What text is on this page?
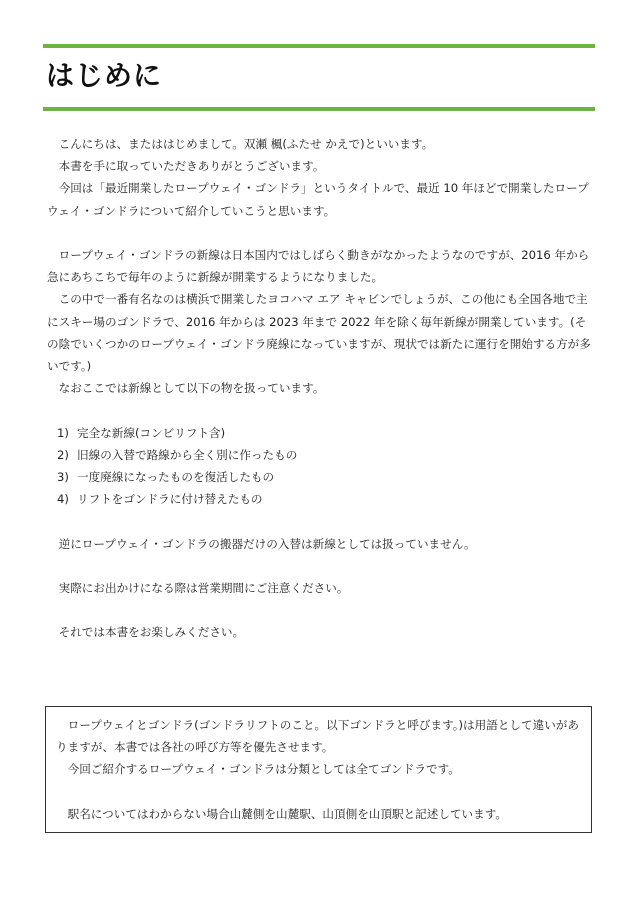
はじめに

こんにちは、またははじめまして。双瀬 楓(ふたせ かえで)といいます。

本書を手に取っていただきありがとうございます。

今回は「最近開業したロープウェイ・ゴンドラ」というタイトルで、最近 10 年ほどで開業したロープウェイ・ゴンドラについて紹介していこうと思います。

ロープウェイ・ゴンドラの新線は日本国内ではしばらく動きがなかったようなのですが、2016 年から急にあちこちで毎年のように新線が開業するようになりました。

この中で一番有名なのは横浜で開業したヨコハマ エア キャビンでしょうが、この他にも全国各地で主にスキー場のゴンドラで、2016 年からは 2023 年まで 2022 年を除く毎年新線が開業しています。(その陰でいくつかのロープウェイ・ゴンドラ廃線になっていますが、現状では新たに運行を開始する方が多いです。)

なおここでは新線として以下の物を扱っています。

1) 完全な新線(コンビリフト含)
2) 旧線の入替で路線から全く別に作ったもの
3) 一度廃線になったものを復活したもの
4) リフトをゴンドラに付け替えたもの

逆にロープウェイ・ゴンドラの搬器だけの入替は新線としては扱っていません。

実際にお出かけになる際は営業期間にご注意ください。

それでは本書をお楽しみください。

ロープウェイとゴンドラ(ゴンドラリフトのこと。以下ゴンドラと呼びます。)は用語として違いがありますが、本書では各社の呼び方等を優先させます。

今回ご紹介するロープウェイ・ゴンドラは分類としては全てゴンドラです。

駅名についてはわからない場合山麓側を山麓駅、山頂側を山頂駅と記述しています。
